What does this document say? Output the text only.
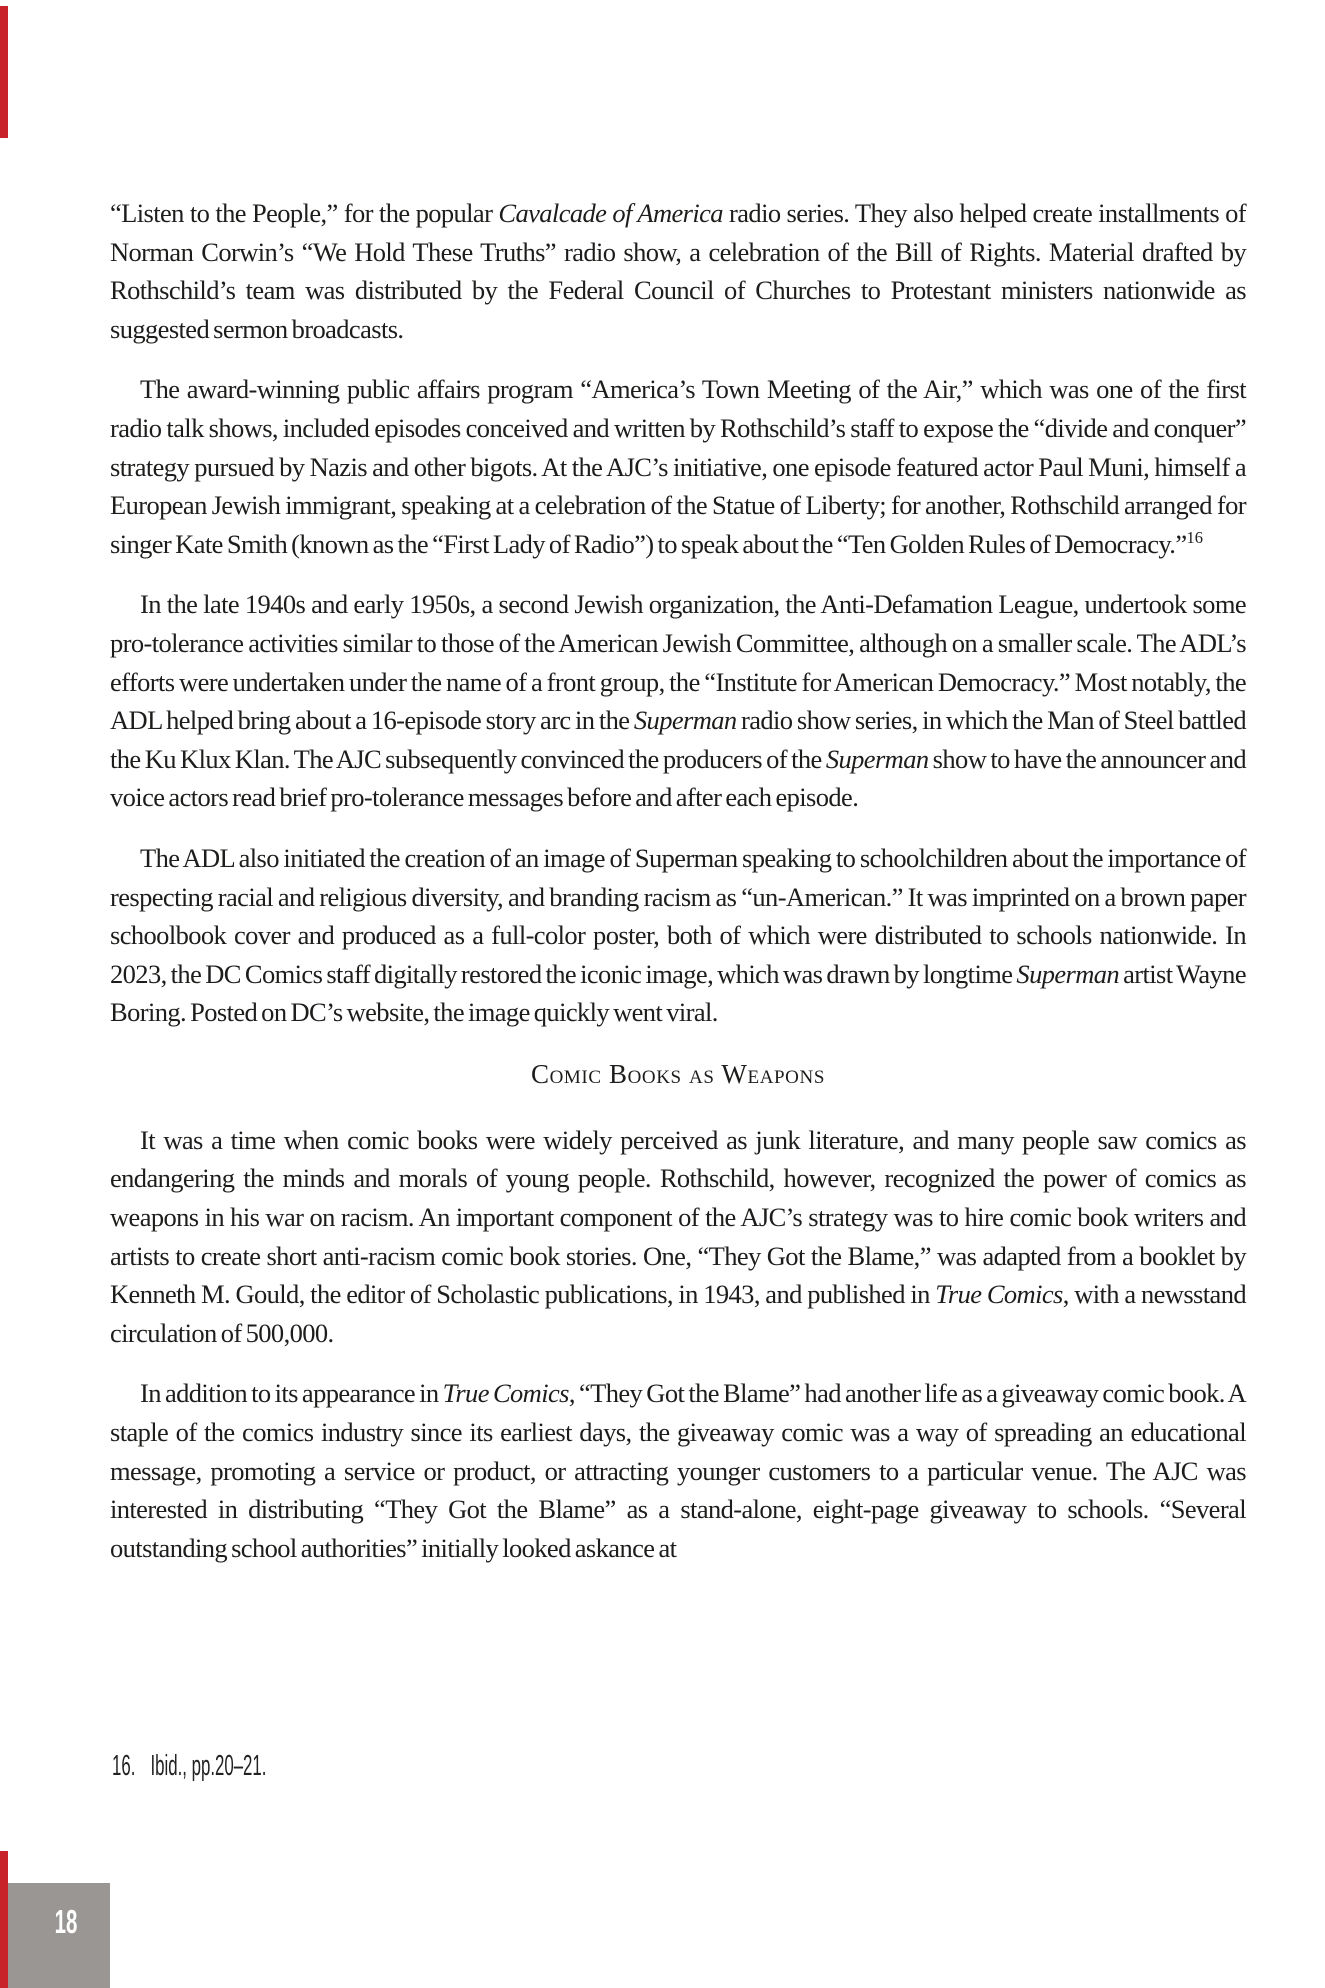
“Listen to the People,” for the popular Cavalcade of America radio series. They also helped create installments of Norman Corwin’s “We Hold These Truths” radio show, a celebration of the Bill of Rights. Material drafted by Rothschild’s team was distributed by the Federal Council of Churches to Protestant ministers nationwide as suggested sermon broadcasts.

The award-winning public affairs program “America’s Town Meeting of the Air,” which was one of the first radio talk shows, included episodes conceived and written by Rothschild’s staff to expose the “divide and conquer” strategy pursued by Nazis and other bigots. At the AJC’s initiative, one episode featured actor Paul Muni, himself a European Jewish immigrant, speaking at a celebration of the Statue of Liberty; for another, Rothschild arranged for singer Kate Smith (known as the “First Lady of Radio”) to speak about the “Ten Golden Rules of Democracy.”$^{16}$

In the late 1940s and early 1950s, a second Jewish organization, the Anti-Defamation League, undertook some pro-tolerance activities similar to those of the American Jewish Committee, although on a smaller scale. The ADL’s efforts were undertaken under the name of a front group, the “Institute for American Democracy.” Most notably, the ADL helped bring about a 16-episode story arc in the Superman radio show series, in which the Man of Steel battled the Ku Klux Klan. The AJC subsequently convinced the producers of the Superman show to have the announcer and voice actors read brief pro-tolerance messages before and after each episode.

The ADL also initiated the creation of an image of Superman speaking to schoolchildren about the importance of respecting racial and religious diversity, and branding racism as “un-American.” It was imprinted on a brown paper schoolbook cover and produced as a full-color poster, both of which were distributed to schools nationwide. In 2023, the DC Comics staff digitally restored the iconic image, which was drawn by longtime Superman artist Wayne Boring. Posted on DC’s website, the image quickly went viral.

Comic Books as Weapons

It was a time when comic books were widely perceived as junk literature, and many people saw comics as endangering the minds and morals of young people. Rothschild, however, recognized the power of comics as weapons in his war on racism. An important component of the AJC’s strategy was to hire comic book writers and artists to create short anti-racism comic book stories. One, “They Got the Blame,” was adapted from a booklet by Kenneth M. Gould, the editor of Scholastic publications, in 1943, and published in True Comics, with a newsstand circulation of 500,000.

In addition to its appearance in True Comics, “They Got the Blame” had another life as a giveaway comic book. A staple of the comics industry since its earliest days, the giveaway comic was a way of spreading an educational message, promoting a service or product, or attracting younger customers to a particular venue. The AJC was interested in distributing “They Got the Blame” as a stand-alone, eight-page giveaway to schools. “Several outstanding school authorities” initially looked askance at

16. Ibid., pp.20–21.
18
